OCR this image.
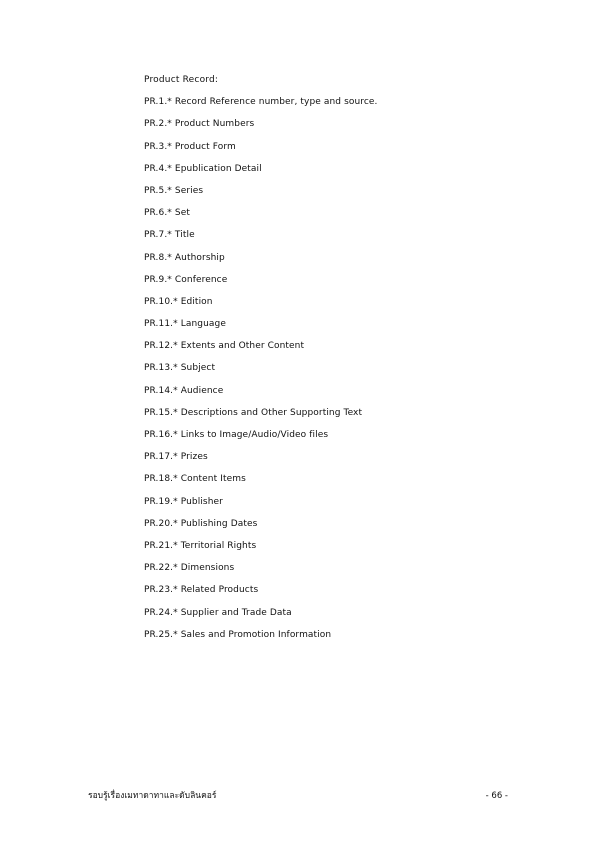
Product Record:
PR.1.* Record Reference number, type and source.
PR.2.* Product Numbers
PR.3.* Product Form
PR.4.* Epublication Detail
PR.5.* Series
PR.6.* Set
PR.7.* Title
PR.8.* Authorship
PR.9.* Conference
PR.10.* Edition
PR.11.* Language
PR.12.* Extents and Other Content
PR.13.* Subject
PR.14.* Audience
PR.15.* Descriptions and Other Supporting Text
PR.16.* Links to Image/Audio/Video files
PR.17.* Prizes
PR.18.* Content Items
PR.19.* Publisher
PR.20.* Publishing Dates
PR.21.* Territorial Rights
PR.22.* Dimensions
PR.23.* Related Products
PR.24.* Supplier and Trade Data
PR.25.* Sales and Promotion Information
รอบรู้เรื่องเมทาดาทาและดับลินคอร์	- 66 -
